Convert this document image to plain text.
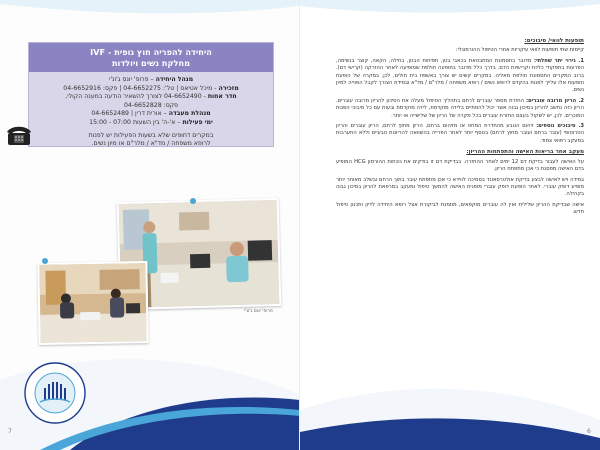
היחידה להפריה חוץ גופית - IVF
מחלקת נשים ויולדות
מנהל היחידה – פרופ' יונס ג'ונ'י
מזכירה - מיכל אטיאס | טל': 04-6652275 | פקס: 04-6652916
חדר אחות - 04-6652490 לצורך להשאיר הודעה במענה הקולי,
פקס: 04-6652828
מנהלת מעבדה – אורית דרין | 04-6652489
ימי פעילות – א'-ה' בין השעות 07:00 - 15:00
במקרים דחופים שלא בשעות הפעילות יש לפנות
לרופא משפחה / מד"א / מלר"ם או מיון נשים.
פרופ' יונס ג'ונ'י
7	6
תופעות לוואי/ סיבוכים:

קיימות שתי תופעות לוואי עיקריות אחרי הטיפול ההורמונלי:

1. גירוי יתר שחלתי: מדובר בתסמונת המתבטאת בכאבי בטן, תפיחות הבטן, בחילה, הקאה, קוצר בנשימה, הפרעות בתפקודי כליות וקרישיות הדם. בדרך כלל מדובר בתופעה חולפת שמופיעה לאחר ההזרקה (קרישי דם). ברוב המקרים התסמונת חולפת מאליה. במקרים קשים יש צורך באשפוז בית חולים, לכן, במקרה של הופעת תופעות אלו עלייך לפנות בהקדם לרופא נשים / רופא משפחה / מלר"ם / מד"א ובמידת הצורך לקבל הפנייה למיון נשים.

2. הריון מרובה עוברים: החזרת מספר עוברים לרחם בתהליך הטיפול מעלה את הסיכון להריון מרובה עוברים. הריון כזה נחשב להריון בסיכון גבוה אשר יכול להסתיים בלידה מוקדמת, לידה מוקדמת ובעות עם כל סיבוכי הפגות המוכרים. לכן, יש לשקול בעצם החזרת עוברים בכל מקרה של הריון של שלישייה או יותר.

3. סיבוכים נוספים: זיהום הנובע מהחדרת המחט או מזיהום ברחם, הריון מחוץ לרחם, הריון עוברים והריון הטרוטופי (עובר ברחם ועובר מחוץ לרחם) בנוסף יותר לאחר הפרייה בהשוואה להריונות טבעיים וללא התערבות במעקב רפואי צמוד.

מעקב אחר בריאות האישה והתפתחות ההריון:

על האישה לעבור בדיקת דם 12 ימים לאחר ההחזרה. בבדיקת דם זו בודקים את נוכחות ההורמון HCG המופיע בדם האישה מפסגת כי אכן מתפתח הריון.

במידה ויש לאישה לבצע בדיקת אולטרסאונד בסמיכה לווידא כי אכן מתפתח עובר בתוך הרחם ובשלב מאוחר יותר מופיע דופק עוברי. לאחר הופעת דופק עוברי מופנית האישה להמשך טיפול ומעקב במרפאת להריון בסיכון גבוה בקהילה.

אישה שבדיקת ההריון שלילית ואין לה עוברים מוקפאים, מוזמנת לביקורת אצל רופא היחידה לדיון ותכנון טיפול חדש.
